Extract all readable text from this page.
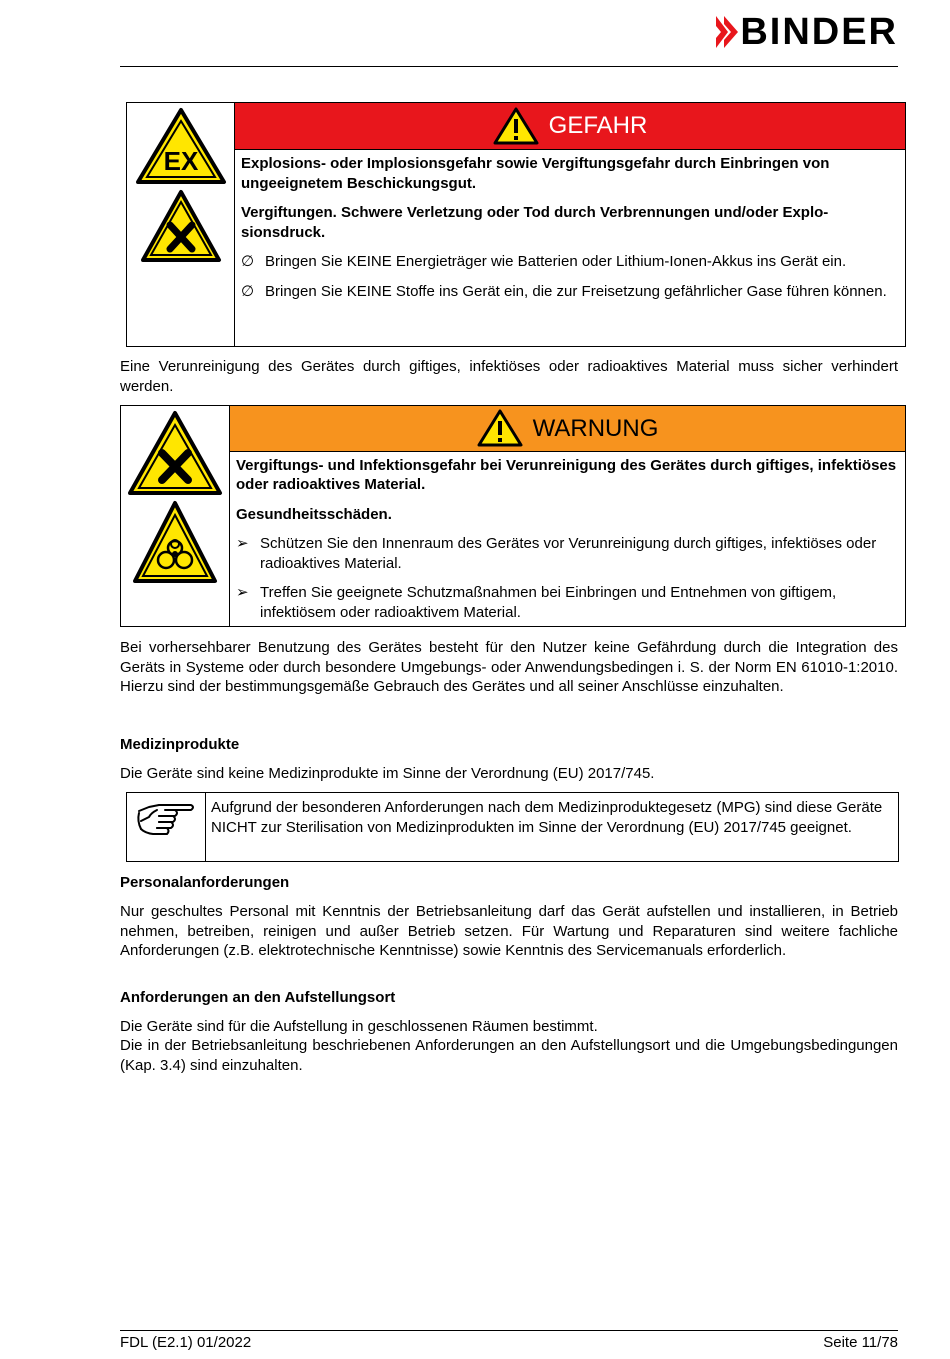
BINDER
EX
GEFAHR

Explosions- oder Implosionsgefahr sowie Vergiftungsgefahr durch Einbringen von ungeeignetem Beschickungsgut.

Vergiftungen. Schwere Verletzung oder Tod durch Verbrennungen und/oder Explosionsdruck.

∅ Bringen Sie KEINE Energieträger wie Batterien oder Lithium-Ionen-Akkus ins Gerät ein.
∅ Bringen Sie KEINE Stoffe ins Gerät ein, die zur Freisetzung gefährlicher Gase führen können.
Eine Verunreinigung des Gerätes durch giftiges, infektiöses oder radioaktives Material muss sicher verhindert werden.
WARNUNG

Vergiftungs- und Infektionsgefahr bei Verunreinigung des Gerätes durch giftiges, infektiöses oder radioaktives Material.

Gesundheitsschäden.

➢ Schützen Sie den Innenraum des Gerätes vor Verunreinigung durch giftiges, infektiöses oder radioaktives Material.
➢ Treffen Sie geeignete Schutzmaßnahmen bei Einbringen und Entnehmen von giftigem, infektiösem oder radioaktivem Material.
Bei vorhersehbarer Benutzung des Gerätes besteht für den Nutzer keine Gefährdung durch die Integration des Geräts in Systeme oder durch besondere Umgebungs- oder Anwendungsbedingen i. S. der Norm EN 61010-1:2010. Hierzu sind der bestimmungsgemäße Gebrauch des Gerätes und all seiner Anschlüsse einzuhalten.
Medizinprodukte
Die Geräte sind keine Medizinprodukte im Sinne der Verordnung (EU) 2017/745.
Aufgrund der besonderen Anforderungen nach dem Medizinproduktegesetz (MPG) sind diese Geräte NICHT zur Sterilisation von Medizinprodukten im Sinne der Verordnung (EU) 2017/745 geeignet.
Personalanforderungen
Nur geschultes Personal mit Kenntnis der Betriebsanleitung darf das Gerät aufstellen und installieren, in Betrieb nehmen, betreiben, reinigen und außer Betrieb setzen. Für Wartung und Reparaturen sind weitere fachliche Anforderungen (z.B. elektrotechnische Kenntnisse) sowie Kenntnis des Servicemanuals erforderlich.
Anforderungen an den Aufstellungsort
Die Geräte sind für die Aufstellung in geschlossenen Räumen bestimmt.
Die in der Betriebsanleitung beschriebenen Anforderungen an den Aufstellungsort und die Umgebungsbedingungen (Kap. 3.4) sind einzuhalten.
FDL (E2.1) 01/2022	Seite 11/78
